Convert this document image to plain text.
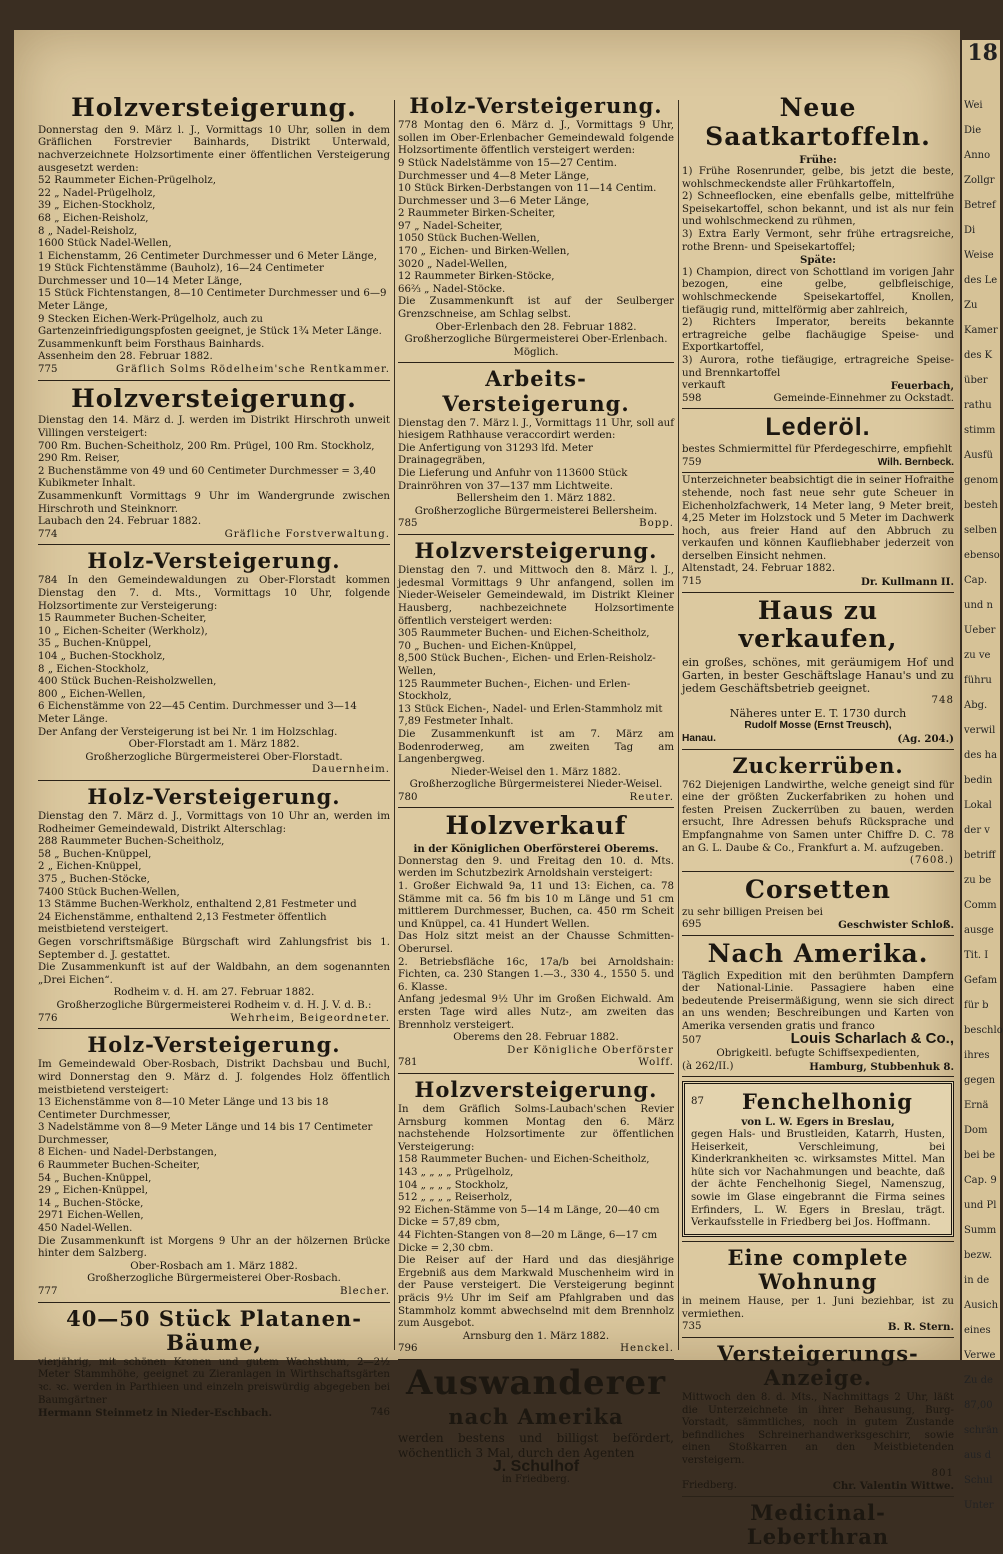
Holzversteigerung.

Donnerstag den 9. März l. J., Vormittags 10 Uhr, sollen in dem Gräflichen Forstrevier Bainhards, Distrikt Unterwald, nachverzeichnete Holzsortimente einer öffentlichen Versteigerung ausgesetzt werden:

52 Raummeter Eichen-Prügelholz,
22 „ Nadel-Prügelholz,
39 „ Eichen-Stockholz,
68 „ Eichen-Reisholz,
8 „ Nadel-Reisholz,
1600 Stück Nadel-Wellen,
1 Eichenstamm, 26 Centimeter Durchmesser und 6 Meter Länge,
19 Stück Fichtenstämme (Bauholz), 16—24 Centimeter Durchmesser und 10—14 Meter Länge,
15 Stück Fichtenstangen, 8—10 Centimeter Durchmesser und 6—9 Meter Länge,
9 Stecken Eichen-Werk-Prügelholz, auch zu Gartenzeinfriedigungspfosten geeignet, je Stück 1¾ Meter Länge.

Zusammenkunft beim Forsthaus Bainhards.

Assenheim den 28. Februar 1882.

775	Gräflich Solms Rödelheim'sche Rentkammer.
Holzversteigerung.

Dienstag den 14. März d. J. werden im Distrikt Hirschroth unweit Villingen versteigert:

700 Rm. Buchen-Scheitholz, 200 Rm. Prügel, 100 Rm. Stockholz, 290 Rm. Reiser,
2 Buchenstämme von 49 und 60 Centimeter Durchmesser = 3,40 Kubikmeter Inhalt.

Zusammenkunft Vormittags 9 Uhr im Wandergrunde zwischen Hirschroth und Steinknorr.

Laubach den 24. Februar 1882.

774	Gräfliche Forstverwaltung.
Holz-Versteigerung.

784 In den Gemeindewaldungen zu Ober-Florstadt kommen Dienstag den 7. d. Mts., Vormittags 10 Uhr, folgende Holzsortimente zur Versteigerung:

15 Raummeter Buchen-Scheiter,
10 „ Eichen-Scheiter (Werkholz),
35 „ Buchen-Knüppel,
104 „ Buchen-Stockholz,
8 „ Eichen-Stockholz,
400 Stück Buchen-Reisholzwellen,
800 „ Eichen-Wellen,
6 Eichenstämme von 22—45 Centim. Durchmesser und 3—14 Meter Länge.

Der Anfang der Versteigerung ist bei Nr. 1 im Holzschlag.

Ober-Florstadt am 1. März 1882.

Großherzogliche Bürgermeisterei Ober-Florstadt.

Dauernheim.

Holz-Versteigerung.

Dienstag den 7. März d. J., Vormittags von 10 Uhr an, werden im Rodheimer Gemeindewald, Distrikt Alterschlag:

288 Raummeter Buchen-Scheitholz,
58 „ Buchen-Knüppel,
2 „ Eichen-Knüppel,
375 „ Buchen-Stöcke,
7400 Stück Buchen-Wellen,
13 Stämme Buchen-Werkholz, enthaltend 2,81 Festmeter und
24 Eichenstämme, enthaltend 2,13 Festmeter öffentlich meistbietend versteigert.

Gegen vorschriftsmäßige Bürgschaft wird Zahlungsfrist bis 1. September d. J. gestattet.

Die Zusammenkunft ist auf der Waldbahn, an dem sogenannten „Drei Eichen“.

Rodheim v. d. H. am 27. Februar 1882.

Großherzogliche Bürgermeisterei Rodheim v. d. H. J. V. d. B.:

776	Wehrheim, Beigeordneter.
Holz-Versteigerung.

Im Gemeindewald Ober-Rosbach, Distrikt Dachsbau und Buchl, wird Donnerstag den 9. März d. J. folgendes Holz öffentlich meistbietend versteigert:

13 Eichenstämme von 8—10 Meter Länge und 13 bis 18 Centimeter Durchmesser,
3 Nadelstämme von 8—9 Meter Länge und 14 bis 17 Centimeter Durchmesser,
8 Eichen- und Nadel-Derbstangen,
6 Raummeter Buchen-Scheiter,
54 „ Buchen-Knüppel,
29 „ Eichen-Knüppel,
14 „ Buchen-Stöcke,
2971 Eichen-Wellen,
450 Nadel-Wellen.

Die Zusammenkunft ist Morgens 9 Uhr an der hölzernen Brücke hinter dem Salzberg.

Ober-Rosbach am 1. März 1882.

Großherzogliche Bürgermeisterei Ober-Rosbach.

777	Blecher.
40—50 Stück Platanen-Bäume,

vierjährig, mit schönen Kronen und gutem Wachsthum, 2—2½ Meter Stammhöhe, geeignet zu Zieranlagen in Wirthschaftsgärten ꝛc. ꝛc. werden in Parthieen und einzeln preiswürdig abgegeben bei Baumgärtner

Hermann Steinmetz in Nieder-Eschbach.	746
Holz-Versteigerung.

778 Montag den 6. März d. J., Vormittags 9 Uhr, sollen im Ober-Erlenbacher Gemeindewald folgende Holzsortimente öffentlich versteigert werden:

9 Stück Nadelstämme von 15—27 Centim. Durchmesser und 4—8 Meter Länge,
10 Stück Birken-Derbstangen von 11—14 Centim. Durchmesser und 3—6 Meter Länge,
2 Raummeter Birken-Scheiter,
97 „ Nadel-Scheiter,
1050 Stück Buchen-Wellen,
170 „ Eichen- und Birken-Wellen,
3020 „ Nadel-Wellen,
12 Raummeter Birken-Stöcke,
66⅔ „ Nadel-Stöcke.

Die Zusammenkunft ist auf der Seulberger Grenzschneise, am Schlag selbst.

Ober-Erlenbach den 28. Februar 1882.

Großherzogliche Bürgermeisterei Ober-Erlenbach.

Möglich.

Arbeits-Versteigerung.

Dienstag den 7. März l. J., Vormittags 11 Uhr, soll auf hiesigem Rathhause veraccordirt werden:

Die Anfertigung von 31293 lfd. Meter Drainagegräben,
Die Lieferung und Anfuhr von 113600 Stück Drainröhren von 37—137 mm Lichtweite.

Bellersheim den 1. März 1882.

Großherzogliche Bürgermeisterei Bellersheim.

785	Bopp.
Holzversteigerung.

Dienstag den 7. und Mittwoch den 8. März l. J., jedesmal Vormittags 9 Uhr anfangend, sollen im Nieder-Weiseler Gemeindewald, im Distrikt Kleiner Hausberg, nachbezeichnete Holzsortimente öffentlich versteigert werden:

305 Raummeter Buchen- und Eichen-Scheitholz,
70 „ Buchen- und Eichen-Knüppel,
8,500 Stück Buchen-, Eichen- und Erlen-Reisholz-Wellen,
125 Raummeter Buchen-, Eichen- und Erlen-Stockholz,
13 Stück Eichen-, Nadel- und Erlen-Stammholz mit 7,89 Festmeter Inhalt.

Die Zusammenkunft ist am 7. März am Bodenroderweg, am zweiten Tag am Langenbergweg.

Nieder-Weisel den 1. März 1882.

Großherzogliche Bürgermeisterei Nieder-Weisel.

780	Reuter.
Holzverkauf
in der Königlichen Oberförsterei Oberems.

Donnerstag den 9. und Freitag den 10. d. Mts. werden im Schutzbezirk Arnoldshain versteigert:

1. Großer Eichwald 9a, 11 und 13: Eichen, ca. 78 Stämme mit ca. 56 fm bis 10 m Länge und 51 cm mittlerem Durchmesser, Buchen, ca. 450 rm Scheit und Knüppel, ca. 41 Hundert Wellen.

Das Holz sitzt meist an der Chausse Schmitten-Oberursel.

2. Betriebsfläche 16c, 17a/b bei Arnoldshain: Fichten, ca. 230 Stangen 1.—3., 330 4., 1550 5. und 6. Klasse.

Anfang jedesmal 9½ Uhr im Großen Eichwald. Am ersten Tage wird alles Nutz-, am zweiten das Brennholz versteigert.

Oberems den 28. Februar 1882.

Der Königliche Oberförster

781	Wolff.
Holzversteigerung.

In dem Gräflich Solms-Laubach'schen Revier Arnsburg kommen Montag den 6. März nachstehende Holzsortimente zur öffentlichen Versteigerung:

158 Raummeter Buchen- und Eichen-Scheitholz,
143 „ „ „ „ Prügelholz,
104 „ „ „ „ Stockholz,
512 „ „ „ „ Reiserholz,
92 Eichen-Stämme von 5—14 m Länge, 20—40 cm Dicke = 57,89 cbm,
44 Fichten-Stangen von 8—20 m Länge, 6—17 cm Dicke = 2,30 cbm.

Die Reiser auf der Hard und das diesjährige Ergebniß aus dem Markwald Muschenheim wird in der Pause versteigert. Die Versteigerung beginnt präcis 9½ Uhr im Seif am Pfahlgraben und das Stammholz kommt abwechselnd mit dem Brennholz zum Ausgebot.

Arnsburg den 1. März 1882.

796	Henckel.
Auswanderer
nach Amerika

werden bestens und billigst befördert, wöchentlich 3 Mal, durch den Agenten

J. Schulhof
in Friedberg.
Neue Saatkartoffeln.
Frühe:

1) Frühe Rosenrunder, gelbe, bis jetzt die beste, wohlschmeckendste aller Frühkartoffeln,

2) Schneeflocken, eine ebenfalls gelbe, mittelfrühe Speisekartoffel, schon bekannt, und ist als nur fein und wohlschmeckend zu rühmen,

3) Extra Early Vermont, sehr frühe ertragsreiche, rothe Brenn- und Speisekartoffel;

Späte:

1) Champion, direct von Schottland im vorigen Jahr bezogen, eine gelbe, gelbfleischige, wohlschmeckende Speisekartoffel, Knollen, tiefäugig rund, mittelförmig aber zahlreich,

2) Richters Imperator, bereits bekannte ertragreiche gelbe flachäugige Speise- und Exportkartoffel,

3) Aurora, rothe tiefäugige, ertragreiche Speise- und Brennkartoffel

verkauft	Feuerbach,
598	Gemeinde-Einnehmer zu Ockstadt.
Lederöl.

bestes Schmiermittel für Pferdegeschirre, empfiehlt

759	Wilh. Bernbeck.

Unterzeichneter beabsichtigt die in seiner Hofraithe stehende, noch fast neue sehr gute Scheuer in Eichenholzfachwerk, 14 Meter lang, 9 Meter breit, 4,25 Meter im Holzstock und 5 Meter im Dachwerk hoch, aus freier Hand auf den Abbruch zu verkaufen und können Kaufliebhaber jederzeit von derselben Einsicht nehmen.

Altenstadt, 24. Februar 1882.

715	Dr. Kullmann II.
Haus zu verkaufen,

ein großes, schönes, mit geräumigem Hof und Garten, in bester Geschäftslage Hanau's und zu jedem Geschäftsbetrieb geeignet.

748

Näheres unter E. T. 1730 durch

Rudolf Mosse (Ernst Treusch),

Hanau.	(Ag. 204.)
Zuckerrüben.

762 Diejenigen Landwirthe, welche geneigt sind für eine der größten Zuckerfabriken zu hohen und festen Preisen Zuckerrüben zu bauen, werden ersucht, Ihre Adressen behufs Rücksprache und Empfangnahme von Samen unter Chiffre D. C. 78 an G. L. Daube & Co., Frankfurt a. M. aufzugeben.

(7608.)
Corsetten

zu sehr billigen Preisen bei

695	Geschwister Schloß.
Nach Amerika.

Täglich Expedition mit den berühmten Dampfern der National-Linie. Passagiere haben eine bedeutende Preisermäßigung, wenn sie sich direct an uns wenden; Beschreibungen und Karten von Amerika versenden gratis und franco

507	Louis Scharlach & Co.,
Obrigkeitl. befugte Schiffsexpedienten,
(à 262/II.)	Hamburg, Stubbenhuk 8.
87	Fenchelhonig
von L. W. Egers in Breslau,

gegen Hals- und Brustleiden, Katarrh, Husten, Heiserkeit, Verschleimung, bei Kinderkrankheiten ꝛc. wirksamstes Mittel. Man hüte sich vor Nachahmungen und beachte, daß der ächte Fenchelhonig Siegel, Namenszug, sowie im Glase eingebrannt die Firma seines Erfinders, L. W. Egers in Breslau, trägt. Verkaufsstelle in Friedberg bei Jos. Hoffmann.

Eine complete Wohnung

in meinem Hause, per 1. Juni beziehbar, ist zu vermiethen.

735	B. R. Stern.
Versteigerungs-Anzeige.

Mittwoch den 8. d. Mts., Nachmittags 2 Uhr, läßt die Unterzeichnete in ihrer Behausung, Burg-Vorstadt, sämmtliches, noch in gutem Zustande befindliches Schreinerhandwerksgeschirr, sowie einen Stoßkarren an den Meistbietenden versteigern.

801
Friedberg.	Chr. Valentin Wittwe.
Medicinal-Leberthran
18
Wei
Die
Anno
Zollgr
Betref
Di
Weise
des Le
Zu
Kamer
des K
über
rathu
stimm
Ausfü
genom
besteh
selben
ebenso
Cap.
und n
Ueber
zu ve
führu
Abg.
verwil
des ha
bedin
Lokal
der v
betriff
zu be
Comm
ausge
Tit. I
Gefam
für b
beschlo
ihres
gegen
Ernä
Dom
bei be
Cap. 9
und Pl
Summ
bezw.
in de
Ausich
eines
Verwe
Zu de
87,00
schrän
aus d
Schul
Unter
